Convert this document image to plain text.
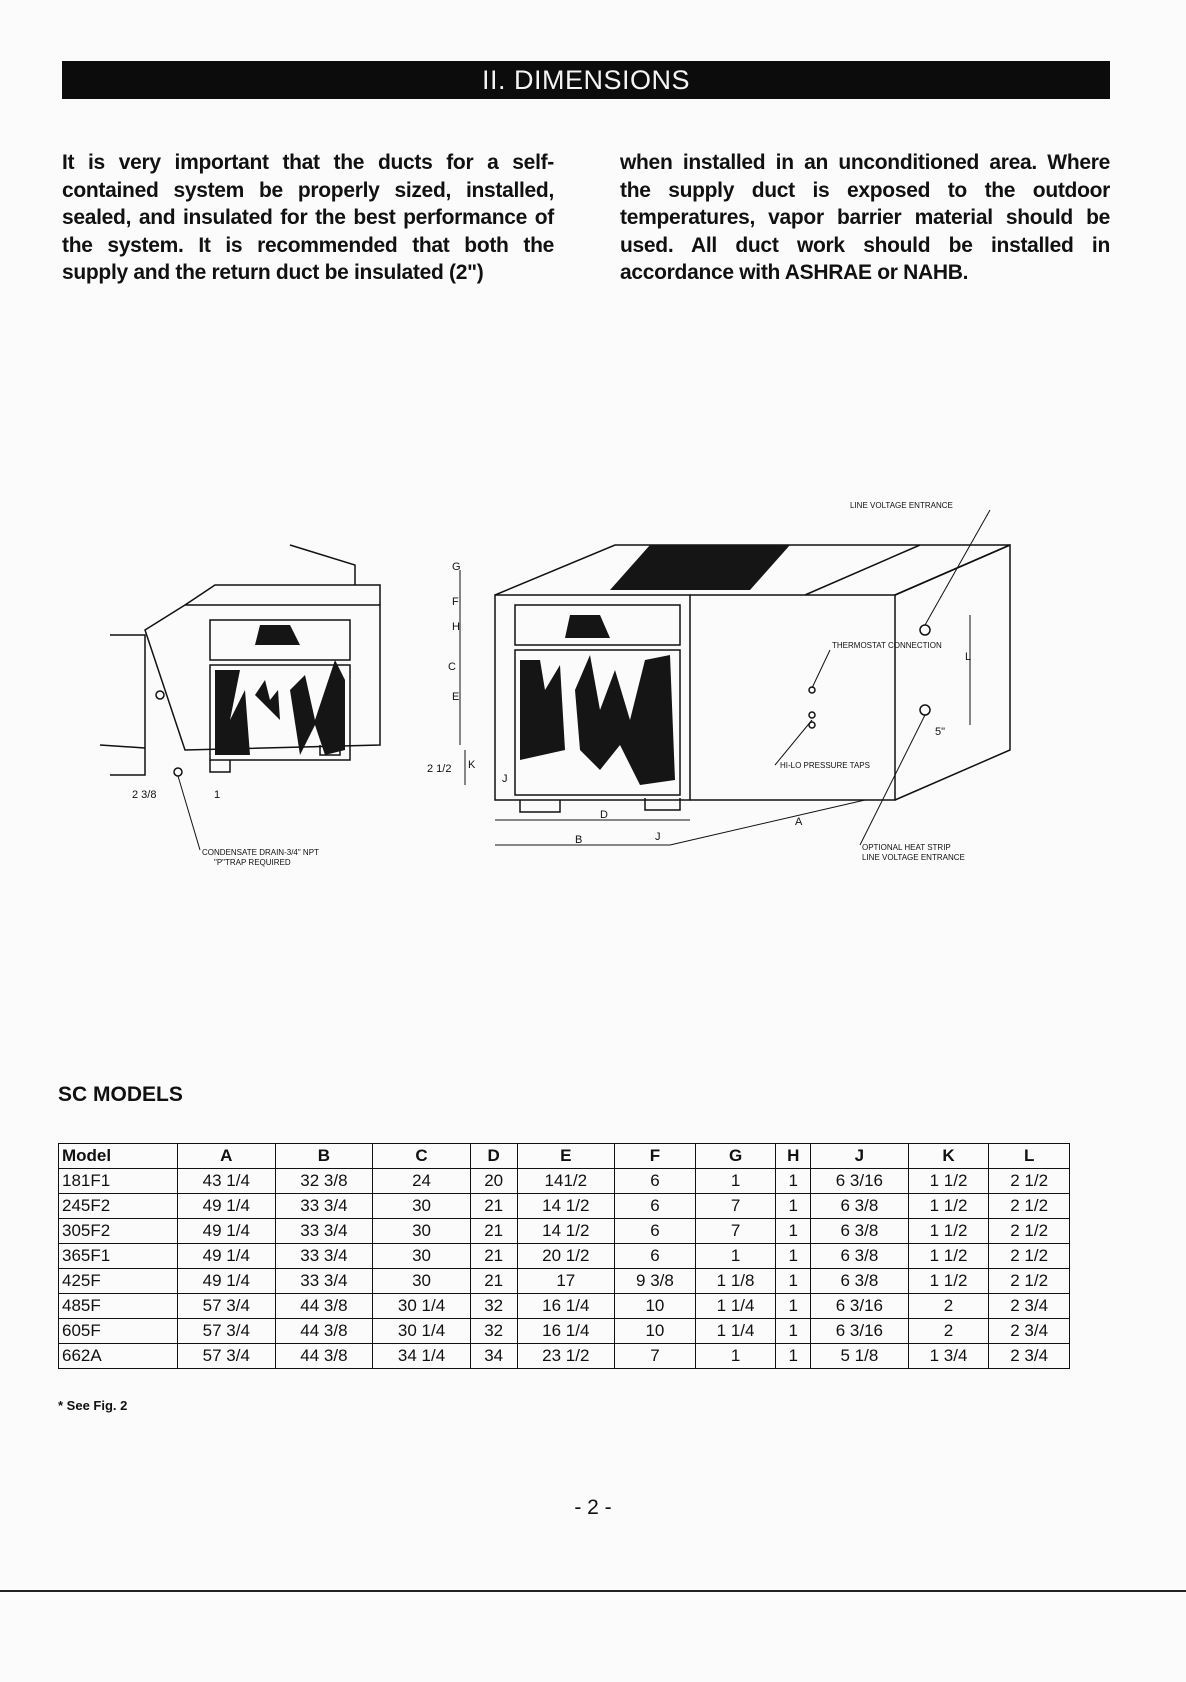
II. DIMENSIONS

It is very important that the ducts for a self-contained system be properly sized, installed, sealed, and insulated for the best performance of the system. It is recommended that both the supply and the return duct be insulated (2")

when installed in an unconditioned area. Where the supply duct is exposed to the outdoor temperatures, vapor barrier material should be used. All duct work should be installed in accordance with ASHRAE or NAHB.

2 3/8	1
CONDENSATE DRAIN-3/4" NPT
"P"TRAP REQUIRED
G
F
H
C
E
K
2 1/2
J
D
B	J
A
L
5"
LINE VOLTAGE ENTRANCE
THERMOSTAT CONNECTION
HI-LO PRESSURE TAPS
OPTIONAL HEAT STRIP
LINE VOLTAGE ENTRANCE
SC MODELS
Model	A	B	C	D	E	F	G	H	J	K	L
181F1	43 1/4	32 3/8	24	20	141/2	6	1	1	6 3/16	1 1/2	2 1/2
245F2	49 1/4	33 3/4	30	21	14 1/2	6	7	1	6 3/8	1 1/2	2 1/2
305F2	49 1/4	33 3/4	30	21	14 1/2	6	7	1	6 3/8	1 1/2	2 1/2
365F1	49 1/4	33 3/4	30	21	20 1/2	6	1	1	6 3/8	1 1/2	2 1/2
425F	49 1/4	33 3/4	30	21	17	9 3/8	1 1/8	1	6 3/8	1 1/2	2 1/2
485F	57 3/4	44 3/8	30 1/4	32	16 1/4	10	1 1/4	1	6 3/16	2	2 3/4
605F	57 3/4	44 3/8	30 1/4	32	16 1/4	10	1 1/4	1	6 3/16	2	2 3/4
662A	57 3/4	44 3/8	34 1/4	34	23 1/2	7	1	1	5 1/8	1 3/4	2 3/4
* See Fig. 2
- 2 -
